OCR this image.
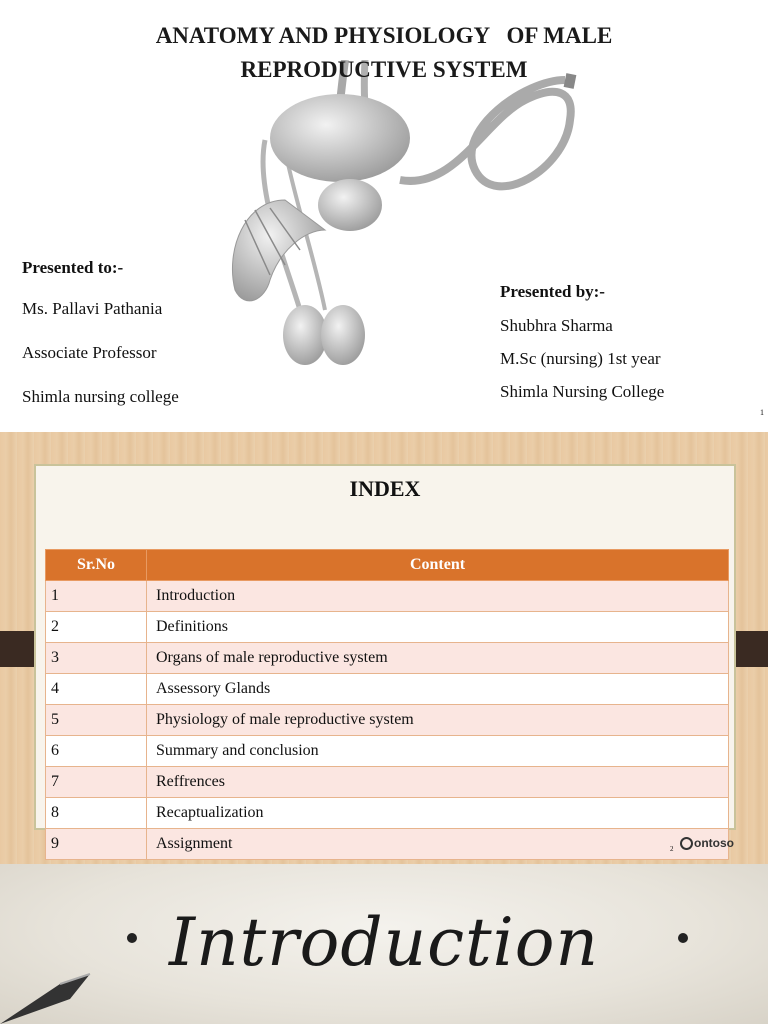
ANATOMY AND PHYSIOLOGY   OF MALE
REPRODUCTIVE SYSTEM
Presented to:-
Ms. Pallavi Pathania
Associate Professor
Shimla nursing college
Presented by:-
Shubhra Sharma
M.Sc (nursing) 1st year
Shimla Nursing College
1
INDEX
Sr.No	Content
1	Introduction
2	Definitions
3	Organs of male reproductive system
4	Assessory Glands
5	Physiology of male reproductive system
6	Summary and conclusion
7	Reffrences
8	Recaptualization
9	Assignment	2	ontoso
Introduction
